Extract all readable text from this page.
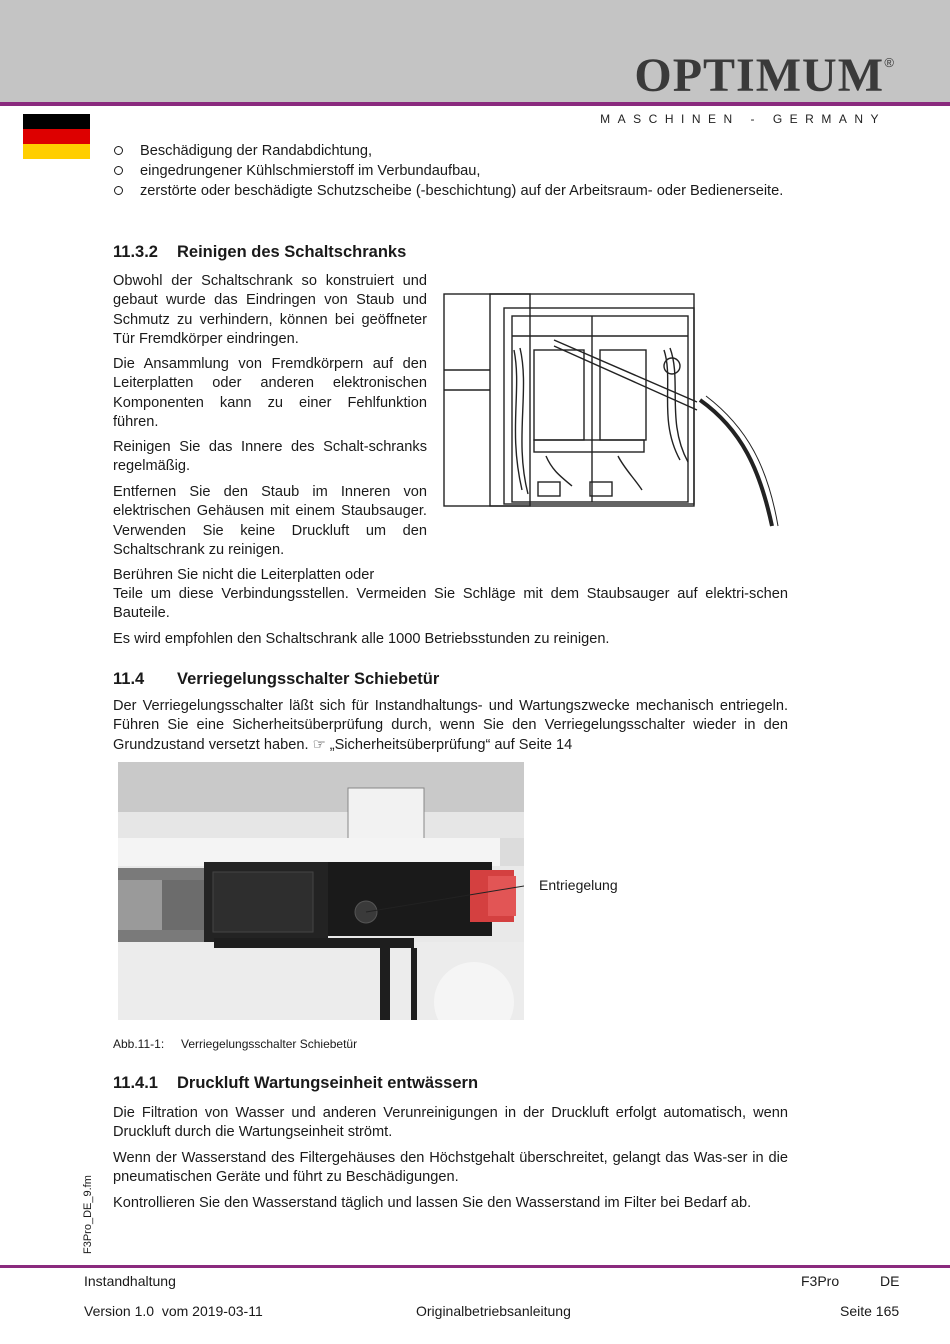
OPTIMUM ®
MASCHINEN - GERMANY
Beschädigung der Randabdichtung,
eingedrungener Kühlschmierstoff im Verbundaufbau,
zerstörte oder beschädigte Schutzscheibe (-beschichtung) auf der Arbeitsraum- oder Bedienerseite.
11.3.2 Reinigen des Schaltschranks

Obwohl der Schaltschrank so konstruiert und gebaut wurde das Eindringen von Staub und Schmutz zu verhindern, können bei geöffneter Tür Fremdkörper eindringen.

Die Ansammlung von Fremdkörpern auf den Leiterplatten oder anderen elektronischen Komponenten kann zu einer Fehlfunktion führen.

Reinigen Sie das Innere des Schalt-schranks regelmäßig.

Entfernen Sie den Staub im Inneren von elektrischen Gehäusen mit einem Staubsauger. Verwenden Sie keine Druckluft um den Schaltschrank zu reinigen.

Berühren Sie nicht die Leiterplatten oder

Teile um diese Verbindungsstellen. Vermeiden Sie Schläge mit dem Staubsauger auf elektri-schen Bauteile.

Es wird empfohlen den Schaltschrank alle 1000 Betriebsstunden zu reinigen.

11.4 Verriegelungsschalter Schiebetür

Der Verriegelungsschalter läßt sich für Instandhaltungs- und Wartungszwecke mechanisch entriegeln. Führen Sie eine Sicherheitsüberprüfung durch, wenn Sie den Verriegelungsschalter wieder in den Grundzustand versetzt haben. ☞ „Sicherheitsüberprüfung“ auf Seite 14

Entriegelung
Abb.11-1: Verriegelungsschalter Schiebetür
11.4.1 Druckluft Wartungseinheit entwässern

Die Filtration von Wasser und anderen Verunreinigungen in der Druckluft erfolgt automatisch, wenn Druckluft durch die Wartungseinheit strömt.

Wenn der Wasserstand des Filtergehäuses den Höchstgehalt überschreitet, gelangt das Was-ser in die pneumatischen Geräte und führt zu Beschädigungen.

Kontrollieren Sie den Wasserstand täglich und lassen Sie den Wasserstand im Filter bei Bedarf ab.

F3Pro_DE_9.fm
Instandhaltung	F3Pro	DE
Version 1.0  vom 2019-03-11	Originalbetriebsanleitung	Seite 165
